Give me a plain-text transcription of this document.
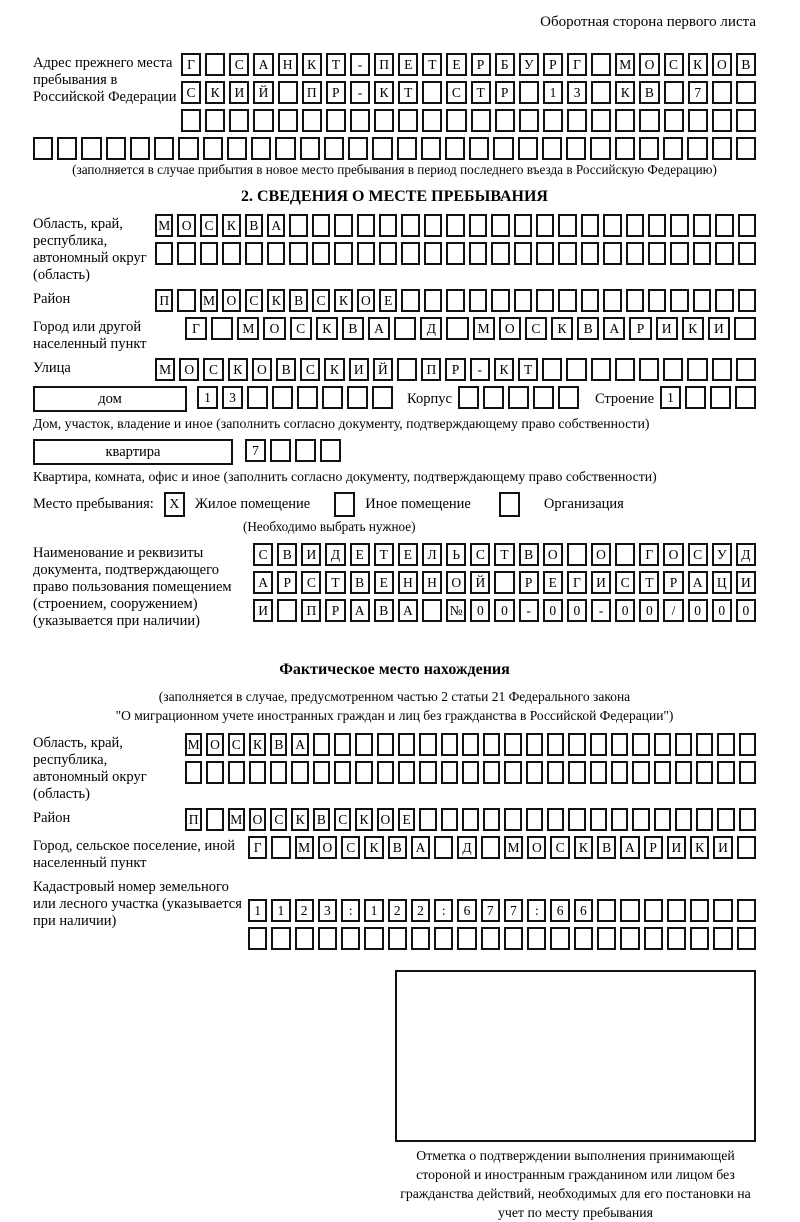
Оборотная сторона первого листа
Адрес прежнего места пребывания в Российской Федерации
Г	С	А	Н	К	Т	-	П	Е	Т	Е	Р	Б	У	Р	Г	М О	С	К	О	В
С	К	И	Й	П	Р	-	К	Т	С	Т	Р	1	3	К	В	7
(заполняется в случае прибытия в новое место пребывания в период последнего въезда в Российскую Федерацию)
2. СВЕДЕНИЯ О МЕСТЕ ПРЕБЫВАНИЯ
Область, край, республика, автономный округ (область)
М О С К В А
Район	П	М О С К В С К О Е
Город или другой населенный пункт
Г	М	О	С	К	В	А	Д	М	О	С	К	В	А	Р	И	К	И
Улица	М О	С	К	О	В	С	К	И	Й	П	Р	-	К	Т
дом	1	3	Корпус	Строение 1
Дом, участок, владение и иное (заполнить согласно документу, подтверждающему право собственности)
квартира	7
Квартира, комната, офис и иное (заполнить согласно документу, подтверждающему право собственности)
Место пребывания:	X	Жилое помещение	Иное помещение	Организация
(Необходимо выбрать нужное)
Наименование и реквизиты документа, подтверждающего право пользования помещением (строением, сооружением) (указывается при наличии)
С	В	И	Д	Е	Т	Е	Л	Ь	С	Т	В	О	О	Г	О	С	У	Д
А	Р	С	Т	В	Е	Н	Н	О	Й	Р	Е	Г	И	С	Т	Р	А	Ц	И
И	П	Р	А	В	А	№	0	0	-	0	0	-	0	0	/	0	0	0
Фактическое место нахождения
(заполняется в случае, предусмотренном частью 2 статьи 21 Федерального закона
"О миграционном учете иностранных граждан и лиц без гражданства в Российской Федерации")
Область, край, республика, автономный округ (область)
М О С К В А
Район	П М О С К В С К О Е
Город, сельское поселение, иной населенный пункт
Г	М О	С	К	В	А	Д	М О	С	К	В	А	Р	И	К	И
Кадастровый номер земельного или лесного участка (указывается при наличии)
1	1	2	3	:	1	2	2	:	6	7	7	:	6	6
Отметка о подтверждении выполнения принимающей стороной и иностранным гражданином или лицом без гражданства действий, необходимых для его постановки на учет по месту пребывания
